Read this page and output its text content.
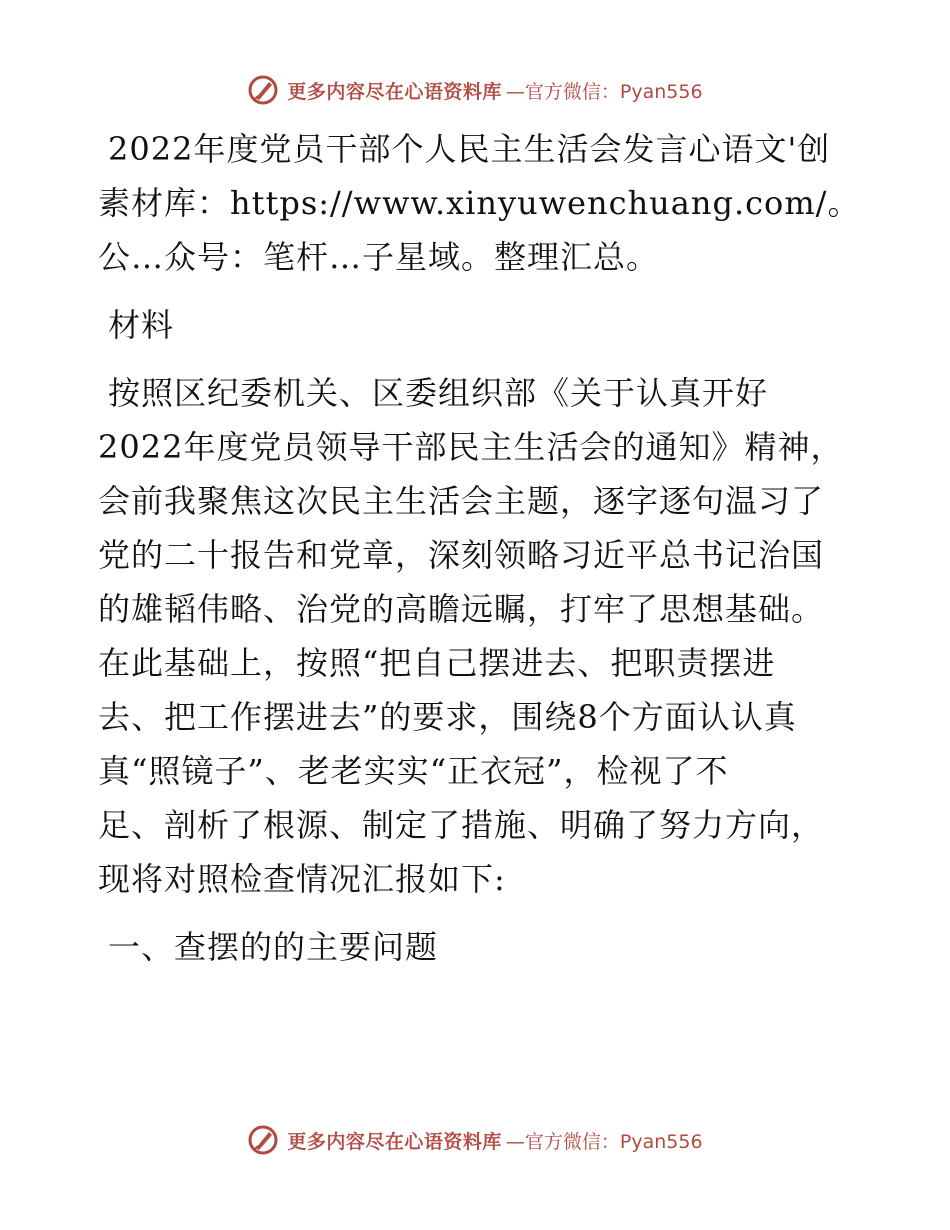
更多内容尽在心语资料库 —官方微信：Pyan556

2022年度党员干部个人民主生活会发言心语文'创

素材库：https://www.xinyuwenchuang.com/。

公…众号：笔杆…子星域。整理汇总。

材料

按照区纪委机关、区委组织部《关于认真开好

2022年度党员领导干部民主生活会的通知》精神，

会前我聚焦这次民主生活会主题，逐字逐句温习了

党的二十报告和党章，深刻领略习近平总书记治国

的雄韬伟略、治党的高瞻远瞩，打牢了思想基础。

在此基础上，按照“把自己摆进去、把职责摆进

去、把工作摆进去”的要求，围绕8个方面认认真

真“照镜子”、老老实实“正衣冠”，检视了不

足、剖析了根源、制定了措施、明确了努力方向，

现将对照检查情况汇报如下:

一、查摆的的主要问题

更多内容尽在心语资料库 —官方微信：Pyan556
